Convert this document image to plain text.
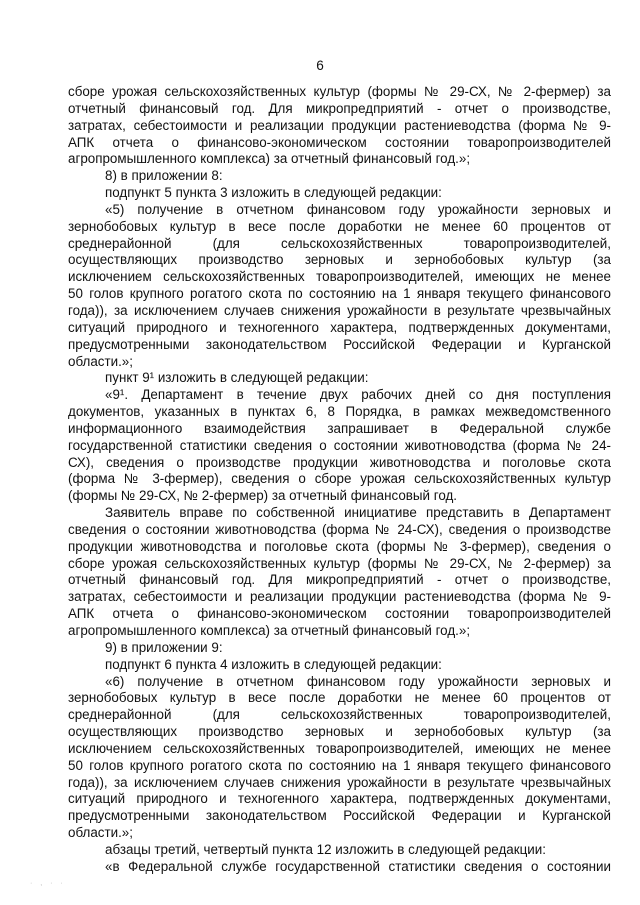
6
сборе урожая сельскохозяйственных культур (формы № 29-СХ, № 2-фермер) за
отчетный финансовый год. Для микропредприятий - отчет о производстве,
затратах, себестоимости и реализации продукции растениеводства (форма № 9-
АПК отчета о финансово-экономическом состоянии товаропроизводителей
агропромышленного комплекса) за отчетный финансовый год.»;
8) в приложении 8:
подпункт 5 пункта 3 изложить в следующей редакции:
«5) получение в отчетном финансовом году урожайности зерновых и
зернобобовых культур в весе после доработки не менее 60 процентов от
среднерайонной (для сельскохозяйственных товаропроизводителей,
осуществляющих производство зерновых и зернобобовых культур (за
исключением сельскохозяйственных товаропроизводителей, имеющих не менее
50 голов крупного рогатого скота по состоянию на 1 января текущего финансового
года)), за исключением случаев снижения урожайности в результате чрезвычайных
ситуаций природного и техногенного характера, подтвержденных документами,
предусмотренными законодательством Российской Федерации и Курганской
области.»;
пункт 9¹ изложить в следующей редакции:
«9¹. Департамент в течение двух рабочих дней со дня поступления
документов, указанных в пунктах 6, 8 Порядка, в рамках межведомственного
информационного взаимодействия запрашивает в Федеральной службе
государственной статистики сведения о состоянии животноводства (форма № 24-
СХ), сведения о производстве продукции животноводства и поголовье скота
(форма № 3-фермер), сведения о сборе урожая сельскохозяйственных культур
(формы № 29-СХ, № 2-фермер) за отчетный финансовый год.
Заявитель вправе по собственной инициативе представить в Департамент
сведения о состоянии животноводства (форма № 24-СХ), сведения о производстве
продукции животноводства и поголовье скота (формы № 3-фермер), сведения о
сборе урожая сельскохозяйственных культур (формы № 29-СХ, № 2-фермер) за
отчетный финансовый год. Для микропредприятий - отчет о производстве,
затратах, себестоимости и реализации продукции растениеводства (форма № 9-
АПК отчета о финансово-экономическом состоянии товаропроизводителей
агропромышленного комплекса) за отчетный финансовый год.»;
9) в приложении 9:
подпункт 6 пункта 4 изложить в следующей редакции:
«6) получение в отчетном финансовом году урожайности зерновых и
зернобобовых культур в весе после доработки не менее 60 процентов от
среднерайонной (для сельскохозяйственных товаропроизводителей,
осуществляющих производство зерновых и зернобобовых культур (за
исключением сельскохозяйственных товаропроизводителей, имеющих не менее
50 голов крупного рогатого скота по состоянию на 1 января текущего финансового
года)), за исключением случаев снижения урожайности в результате чрезвычайных
ситуаций природного и техногенного характера, подтвержденных документами,
предусмотренными законодательством Российской Федерации и Курганской
области.»;
абзацы третий, четвертый пункта 12 изложить в следующей редакции:
«в Федеральной службе государственной статистики сведения о состоянии
· , · ·
